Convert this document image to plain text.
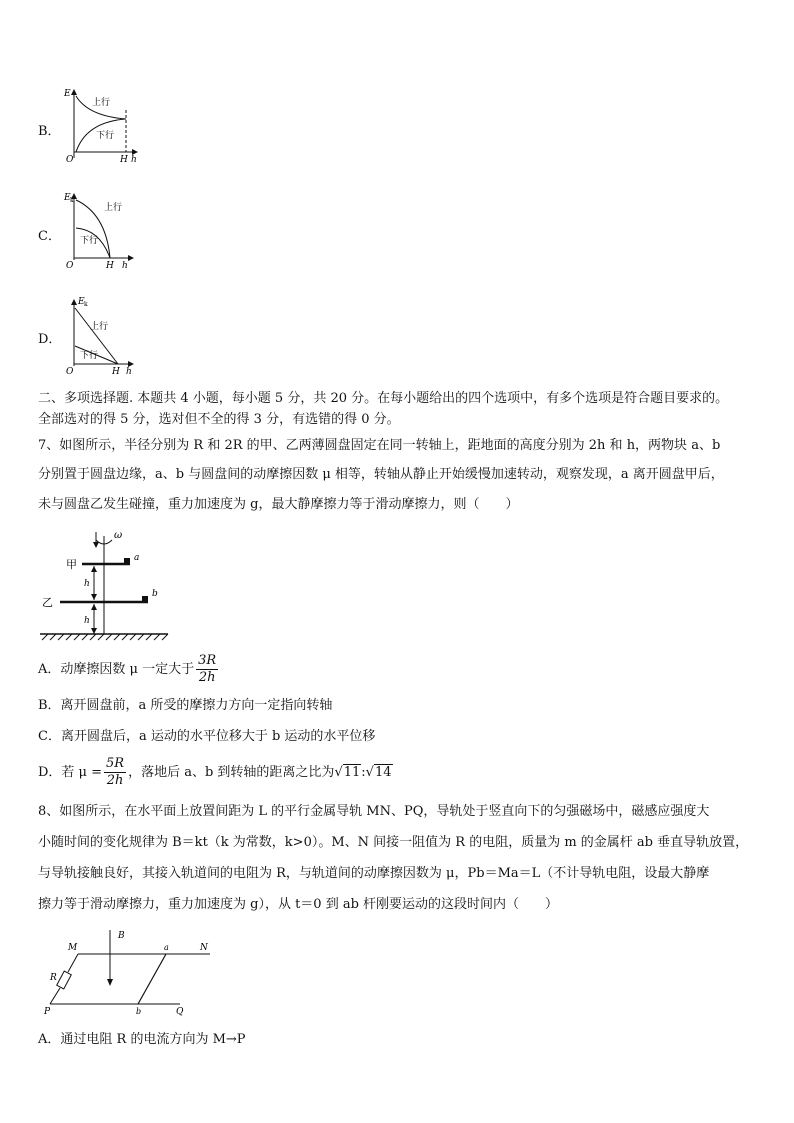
B．
E
上行
下行
O	H h
C．
E k
上行
下行
O	H h
D．
E k
上行
下行
O	H h
二、多项选择题. 本题共 4 小题，每小题 5 分，共 20 分。在每小题给出的四个选项中，有多个选项是符合题目要求的。
全部选对的得 5 分，选对但不全的得 3 分，有选错的得 0 分。
7、如图所示，半径分别为 R 和 2R 的甲、乙两薄圆盘固定在同一转轴上，距地面的高度分别为 2h 和 h，两物块 a、b
分别置于圆盘边缘，a、b 与圆盘间的动摩擦因数 μ 相等，转轴从静止开始缓慢加速转动，观察发现，a 离开圆盘甲后，
未与圆盘乙发生碰撞，重力加速度为 g，最大静摩擦力等于滑动摩擦力，则（　　）
ω
a
甲
b
乙
h
h
A．动摩擦因数 μ 一定大于 $\frac{3R}{2h}$
B．离开圆盘前，a 所受的摩擦力方向一定指向转轴
C．离开圆盘后，a 运动的水平位移大于 b 运动的水平位移
D．若 $\mu = \frac{5R}{2h}$ ，落地后 a、b 到转轴的距离之比为√11:√14
8、如图所示，在水平面上放置间距为 L 的平行金属导轨 MN、PQ，导轨处于竖直向下的匀强磁场中，磁感应强度大
小随时间的变化规律为 B＝kt（k 为常数，k>0）。M、N 间接一阻值为 R 的电阻，质量为 m 的金属杆 ab 垂直导轨放置，
与导轨接触良好，其接入轨道间的电阻为 R，与轨道间的动摩擦因数为 μ，Pb＝Ma＝L（不计导轨电阻，设最大静摩
擦力等于滑动摩擦力，重力加速度为 g），从 t＝0 到 ab 杆刚要运动的这段时间内（　　）
B
M	N
a
R
P	b	Q
A．通过电阻 R 的电流方向为 M→P
